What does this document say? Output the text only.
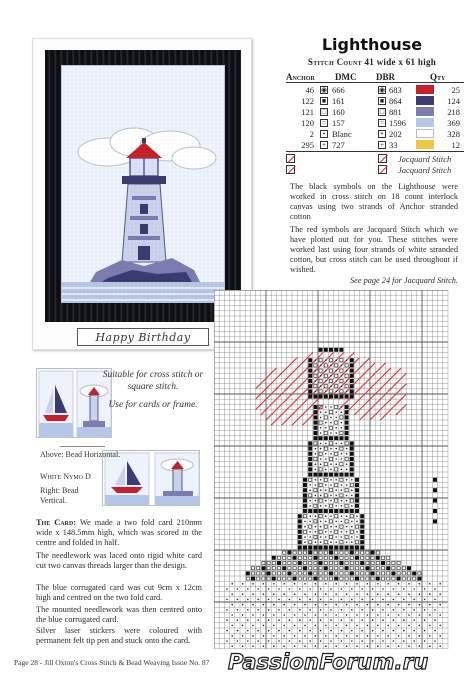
Happy Birthday
Lighthouse
Stitch Count 41 wide x 61 high
Anchor DMC DBR	Qty
46 ◉ 666	◉ 683	25
122 ■ 161	■ 864	124
121 □ 160	□ 881	218
120 = 157	= 1596	369
2	• Blanc	• 202	328
295 + 727	+ 33	12
Jacquard Stitch
Jacquard Stitch
The black symbols on the Lighthouse were worked in cross stitch on 18 count interlock canvas using two strands of Anchor stranded cotton
The red symbols are Jacquard Stitch which we have plotted out for you. These stitches were worked last using four strands of white stranded cotton, but cross stitch can be used throughout if wished.
See page 24 for Jacquard Stitch.
Suitable for cross stitch or square stitch.
Use for cards or frame.
Above: Bead Horizontal.
White Nymo D
Right: Bead Vertical.
The Card: We made a two fold card 210mm wide x 148.5mm high, which was scored in the centre and folded in half.
The needlework was laced onto rigid white card cut two canvas threads larger than the design.
The blue corrugated card was cut 9cm x 12cm high and centred on the two fold card.
The mounted needlework was then centred onto the blue corrugated card.
Silver laser stickers were coloured with permanent felt tip pen and stuck onto the card.
Page 28 - Jill Oxton's Cross Stitch & Bead Weaving Issue No. 87 PassionForum.ru
